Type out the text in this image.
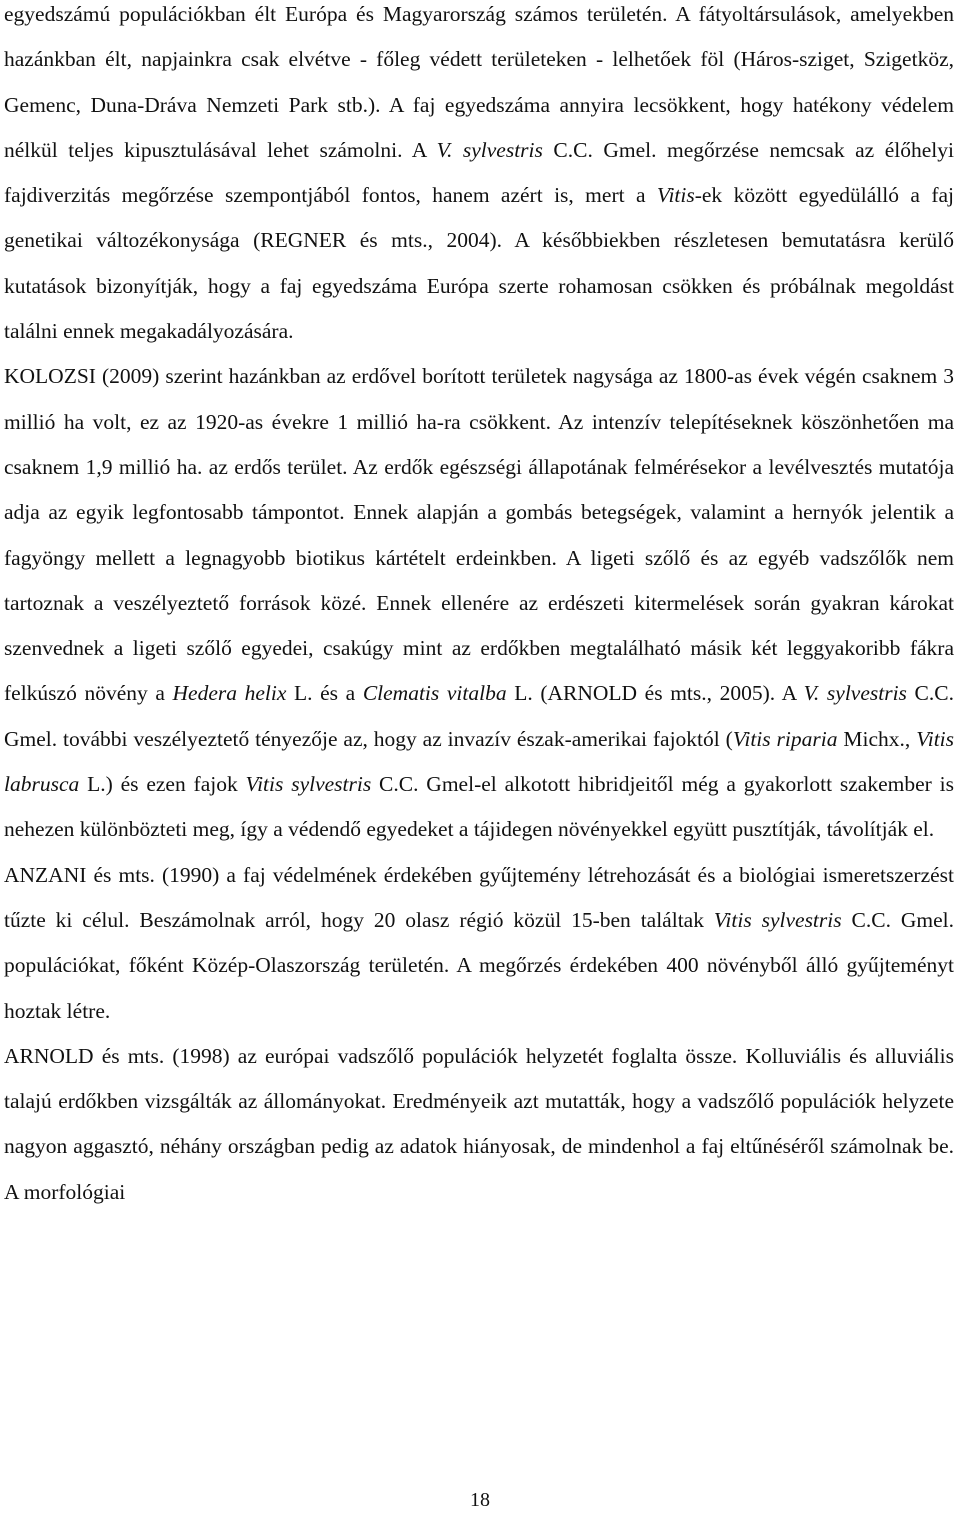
egyedszámú populációkban élt Európa és Magyarország számos területén. A fátyoltársulások, amelyekben hazánkban élt, napjainkra csak elvétve - főleg védett területeken - lelhetőek föl (Háros-sziget, Szigetköz, Gemenc, Duna-Dráva Nemzeti Park stb.). A faj egyedszáma annyira lecsökkent, hogy hatékony védelem nélkül teljes kipusztulásával lehet számolni. A V. sylvestris C.C. Gmel. megőrzése nemcsak az élőhelyi fajdiverzitás megőrzése szempontjából fontos, hanem azért is, mert a Vitis-ek között egyedülálló a faj genetikai változékonysága (REGNER és mts., 2004). A későbbiekben részletesen bemutatásra kerülő kutatások bizonyítják, hogy a faj egyedszáma Európa szerte rohamosan csökken és próbálnak megoldást találni ennek megakadályozására.

KOLOZSI (2009) szerint hazánkban az erdővel borított területek nagysága az 1800-as évek végén csaknem 3 millió ha volt, ez az 1920-as évekre 1 millió ha-ra csökkent. Az intenzív telepítéseknek köszönhetően ma csaknem 1,9 millió ha. az erdős terület. Az erdők egészségi állapotának felmérésekor a levélvesztés mutatója adja az egyik legfontosabb támpontot. Ennek alapján a gombás betegségek, valamint a hernyók jelentik a fagyöngy mellett a legnagyobb biotikus kártételt erdeinkben. A ligeti szőlő és az egyéb vadszőlők nem tartoznak a veszélyeztető források közé. Ennek ellenére az erdészeti kitermelések során gyakran károkat szenvednek a ligeti szőlő egyedei, csakúgy mint az erdőkben megtalálható másik két leggyakoribb fákra felkúszó növény a Hedera helix L. és a Clematis vitalba L. (ARNOLD és mts., 2005). A V. sylvestris C.C. Gmel. további veszélyeztető tényezője az, hogy az invazív észak-amerikai fajoktól (Vitis riparia Michx., Vitis labrusca L.) és ezen fajok Vitis sylvestris C.C. Gmel-el alkotott hibridjeitől még a gyakorlott szakember is nehezen különbözteti meg, így a védendő egyedeket a tájidegen növényekkel együtt pusztítják, távolítják el.

ANZANI és mts. (1990) a faj védelmének érdekében gyűjtemény létrehozását és a biológiai ismeretszerzést tűzte ki célul. Beszámolnak arról, hogy 20 olasz régió közül 15-ben találtak Vitis sylvestris C.C. Gmel. populációkat, főként Közép-Olaszország területén. A megőrzés érdekében 400 növényből álló gyűjteményt hoztak létre.

ARNOLD és mts. (1998) az európai vadszőlő populációk helyzetét foglalta össze. Kolluviális és alluviális talajú erdőkben vizsgálták az állományokat. Eredményeik azt mutatták, hogy a vadszőlő populációk helyzete nagyon aggasztó, néhány országban pedig az adatok hiányosak, de mindenhol a faj eltűnéséről számolnak be. A morfológiai

18
